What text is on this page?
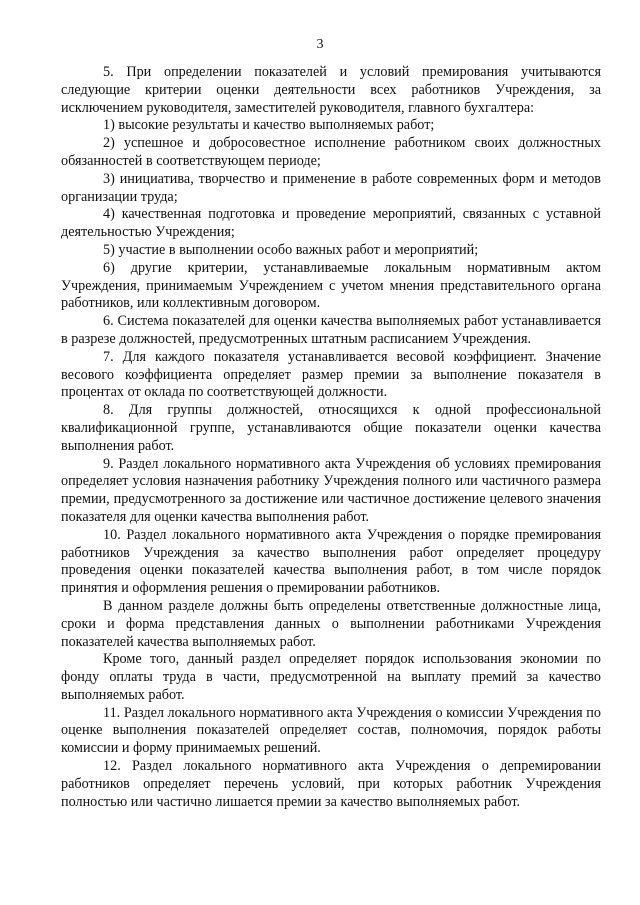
3

5. При определении показателей и условий премирования учитываются следующие критерии оценки деятельности всех работников Учреждения, за исключением руководителя, заместителей руководителя, главного бухгалтера:

1) высокие результаты и качество выполняемых работ;

2) успешное и добросовестное исполнение работником своих должностных обязанностей в соответствующем периоде;

3) инициатива, творчество и применение в работе современных форм и методов организации труда;

4) качественная подготовка и проведение мероприятий, связанных с уставной деятельностью Учреждения;

5) участие в выполнении особо важных работ и мероприятий;

6) другие критерии, устанавливаемые локальным нормативным актом Учреждения, принимаемым Учреждением с учетом мнения представительного органа работников, или коллективным договором.

6. Система показателей для оценки качества выполняемых работ устанавливается в разрезе должностей, предусмотренных штатным расписанием Учреждения.

7. Для каждого показателя устанавливается весовой коэффициент. Значение весового коэффициента определяет размер премии за выполнение показателя в процентах от оклада по соответствующей должности.

8. Для группы должностей, относящихся к одной профессиональной квалификационной группе, устанавливаются общие показатели оценки качества выполнения работ.

9. Раздел локального нормативного акта Учреждения об условиях премирования определяет условия назначения работнику Учреждения полного или частичного размера премии, предусмотренного за достижение или частичное достижение целевого значения показателя для оценки качества выполнения работ.

10. Раздел локального нормативного акта Учреждения о порядке премирования работников Учреждения за качество выполнения работ определяет процедуру проведения оценки показателей качества выполнения работ, в том числе порядок принятия и оформления решения о премировании работников.

В данном разделе должны быть определены ответственные должностные лица, сроки и форма представления данных о выполнении работниками Учреждения показателей качества выполняемых работ.

Кроме того, данный раздел определяет порядок использования экономии по фонду оплаты труда в части, предусмотренной на выплату премий за качество выполняемых работ.

11. Раздел локального нормативного акта Учреждения о комиссии Учреждения по оценке выполнения показателей определяет состав, полномочия, порядок работы комиссии и форму принимаемых решений.

12. Раздел локального нормативного акта Учреждения о депремировании работников определяет перечень условий, при которых работник Учреждения полностью или частично лишается премии за качество выполняемых работ.
